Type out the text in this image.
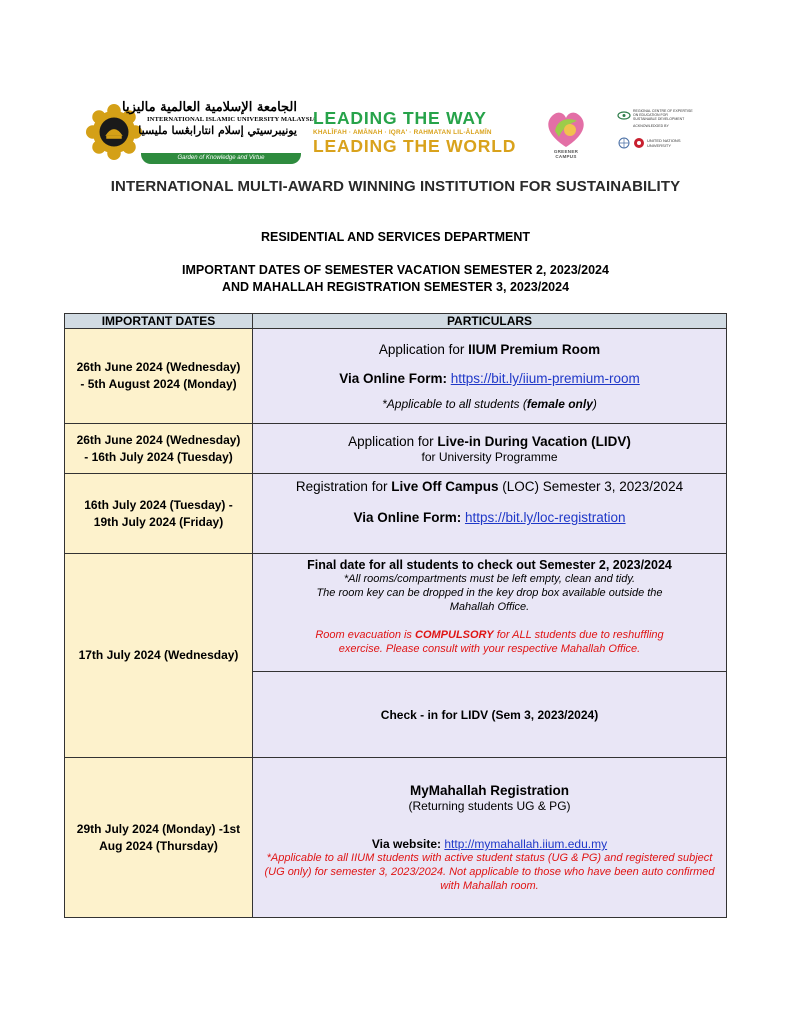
الجامعة الإسلامية العالمية ماليزيا
INTERNATIONAL ISLAMIC UNIVERSITY MALAYSIA
يونيبرسيتي إسلام انتارابڠسا مليسيا
Garden of Knowledge and Virtue
LEADING THE WAY
KHALĪFAH · AMĀNAH · IQRA' · RAHMATAN LIL-ĀLAMĪN
LEADING THE WORLD	GREENER CAMPUS
REGIONAL CENTRE OF EXPERTISE
ON EDUCATION FOR
SUSTAINABLE DEVELOPMENT
ACKNOWLEDGED BY
UNITED NATIONS
UNIVERSITY
INTERNATIONAL MULTI-AWARD WINNING INSTITUTION FOR SUSTAINABILITY
RESIDENTIAL AND SERVICES DEPARTMENT
IMPORTANT DATES OF SEMESTER VACATION SEMESTER 2, 2023/2024
AND MAHALLAH REGISTRATION SEMESTER 3, 2023/2024
IMPORTANT DATES	PARTICULARS
26th June 2024 (Wednesday) - 5th August 2024 (Monday)	Application for IIUM Premium Room
Via Online Form: https://bit.ly/iium-premium-room
*Applicable to all students (female only)

26th June 2024 (Wednesday) - 16th July 2024 (Tuesday)	Application for Live-in During Vacation (LIDV)
for University Programme

16th July 2024 (Tuesday) - 19th July 2024 (Friday)	Registration for Live Off Campus (LOC) Semester 3, 2023/2024
Via Online Form: https://bit.ly/loc-registration

17th July 2024 (Wednesday)	Final date for all students to check out Semester 2, 2023/2024
*All rooms/compartments must be left empty, clean and tidy.
The room key can be dropped in the key drop box available outside the Mahallah Office.
Room evacuation is COMPULSORY for ALL students due to reshuffling exercise. Please consult with your respective Mahallah Office.

	Check - in for LIDV (Sem 3, 2023/2024)
29th July 2024 (Monday) -1st Aug 2024 (Thursday)	MyMahallah Registration
(Returning students UG & PG)
Via website: http://mymahallah.iium.edu.my
*Applicable to all IIUM students with active student status (UG & PG) and registered subject (UG only) for semester 3, 2023/2024. Not applicable to those who have been auto confirmed with Mahallah room.
